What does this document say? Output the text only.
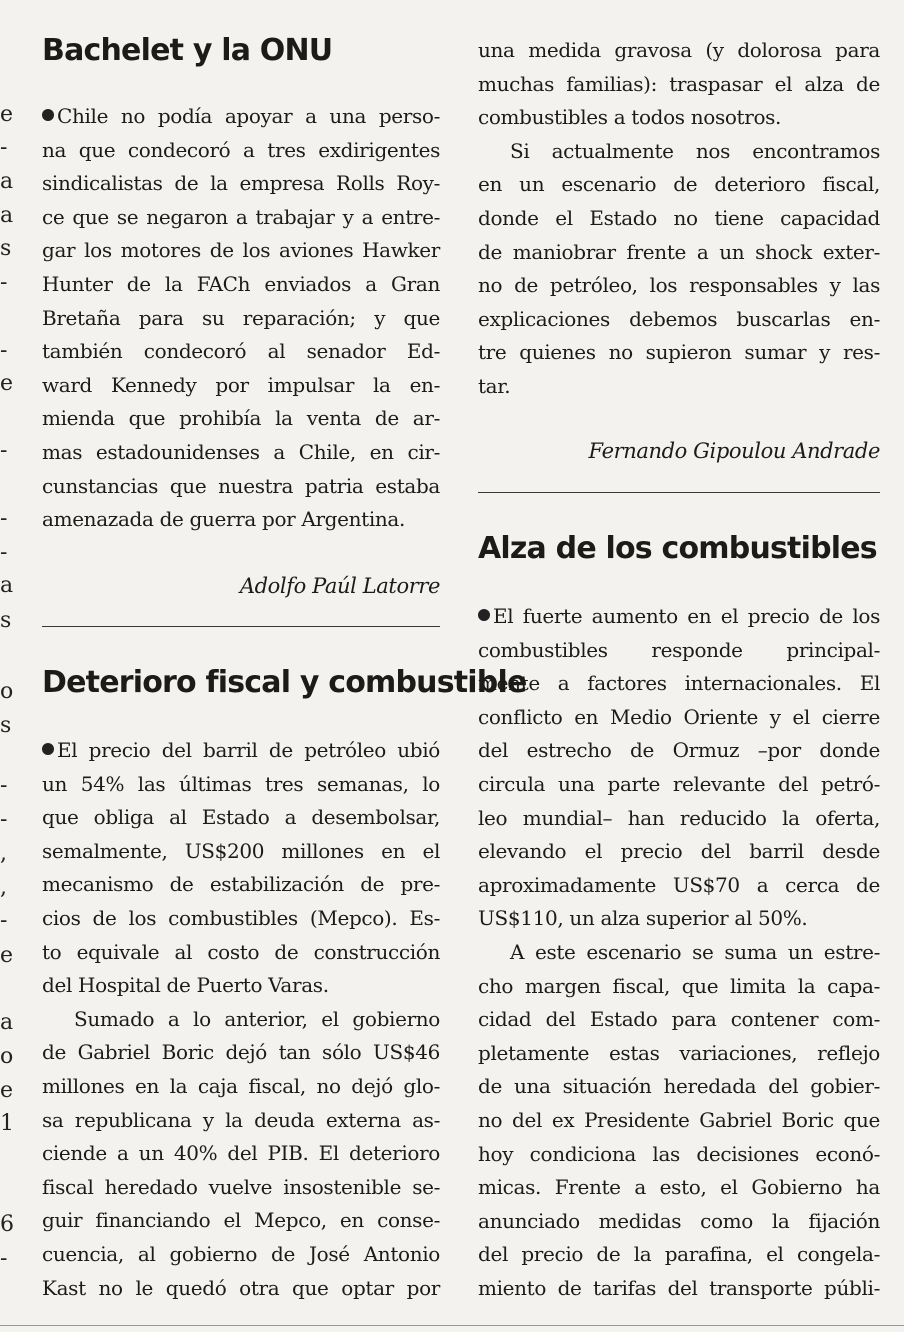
e
-
a
a
s
-
-
e
-
-
-
a
s
o
s
-
-
,
,
-
e
a
o
e
1
6
-
Bachelet y la ONU
Chile no podía apoyar a una perso-
na que condecoró a tres exdirigentes
sindicalistas de la empresa Rolls Roy-
ce que se negaron a trabajar y a entre-
gar los motores de los aviones Hawker
Hunter de la FACh enviados a Gran
Bretaña para su reparación; y que
también condecoró al senador Ed-
ward Kennedy por impulsar la en-
mienda que prohibía la venta de ar-
mas estadounidenses a Chile, en cir-
cunstancias que nuestra patria estaba
amenazada de guerra por Argentina.
Adolfo Paúl Latorre
Deterioro fiscal y combustible
El precio del barril de petróleo ubió
un 54% las últimas tres semanas, lo
que obliga al Estado a desembolsar,
semalmente, US$200 millones en el
mecanismo de estabilización de pre-
cios de los combustibles (Mepco). Es-
to equivale al costo de construcción
del Hospital de Puerto Varas.
Sumado a lo anterior, el gobierno
de Gabriel Boric dejó tan sólo US$46
millones en la caja fiscal, no dejó glo-
sa republicana y la deuda externa as-
ciende a un 40% del PIB. El deterioro
fiscal heredado vuelve insostenible se-
guir financiando el Mepco, en conse-
cuencia, al gobierno de José Antonio
Kast no le quedó otra que optar por
una medida gravosa (y dolorosa para
muchas familias): traspasar el alza de
combustibles a todos nosotros.
Si actualmente nos encontramos
en un escenario de deterioro fiscal,
donde el Estado no tiene capacidad
de maniobrar frente a un shock exter-
no de petróleo, los responsables y las
explicaciones debemos buscarlas en-
tre quienes no supieron sumar y res-
tar.
Fernando Gipoulou Andrade
Alza de los combustibles
El fuerte aumento en el precio de los
combustibles responde principal-
mente a factores internacionales. El
conflicto en Medio Oriente y el cierre
del estrecho de Ormuz –por donde
circula una parte relevante del petró-
leo mundial– han reducido la oferta,
elevando el precio del barril desde
aproximadamente US$70 a cerca de
US$110, un alza superior al 50%.
A este escenario se suma un estre-
cho margen fiscal, que limita la capa-
cidad del Estado para contener com-
pletamente estas variaciones, reflejo
de una situación heredada del gobier-
no del ex Presidente Gabriel Boric que
hoy condiciona las decisiones econó-
micas. Frente a esto, el Gobierno ha
anunciado medidas como la fijación
del precio de la parafina, el congela-
miento de tarifas del transporte públi-
